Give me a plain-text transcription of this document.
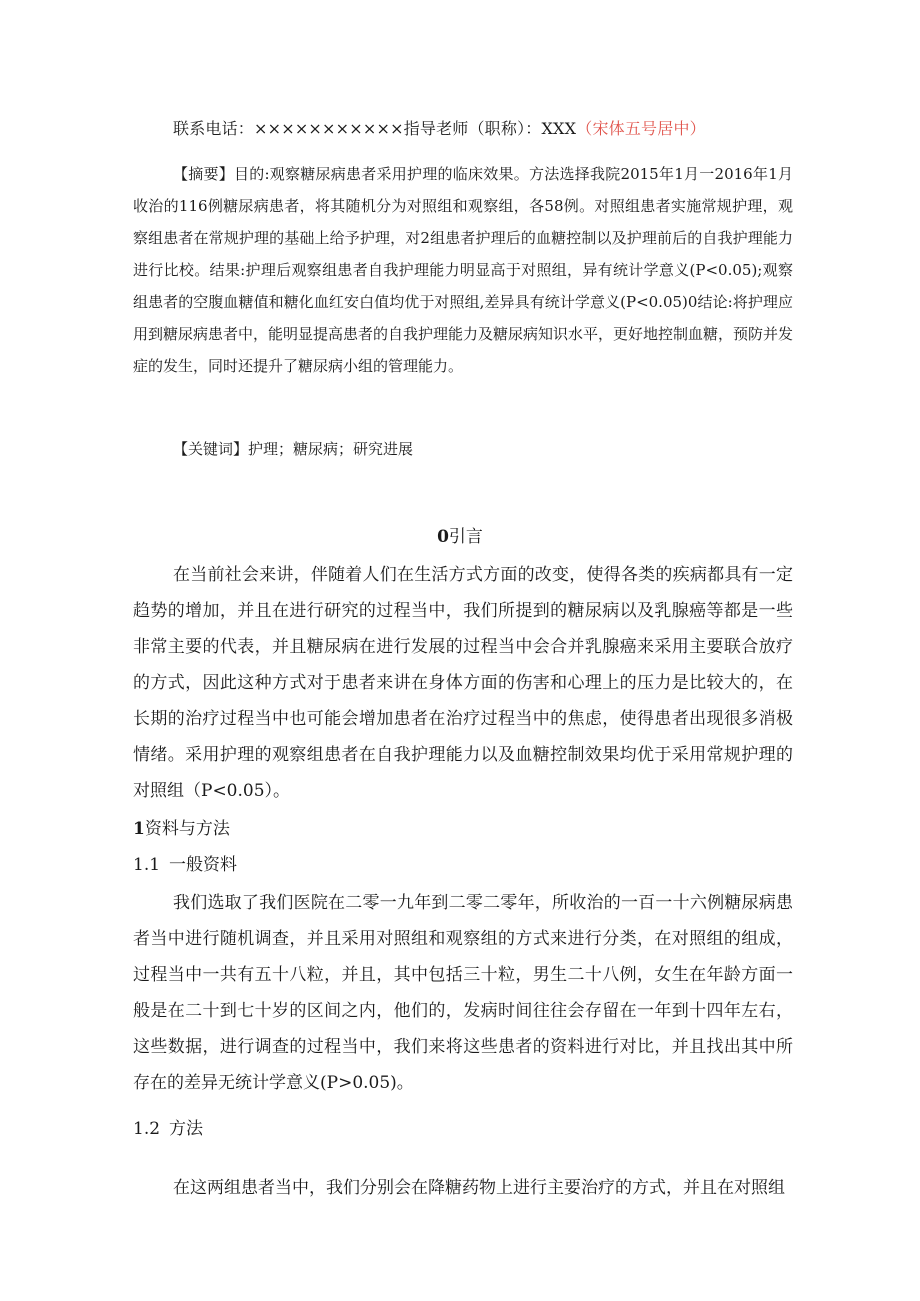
联系电话：×××××××××××指导老师（职称）：XXX（宋体五号居中）

【摘要】目的:观察糖尿病患者采用护理的临床效果。方法选择我院2015年1月一2016年1月收治的116例糖尿病患者，将其随机分为对照组和观察组，各58例。对照组患者实施常规护理，观察组患者在常规护理的基础上给予护理，对2组患者护理后的血糖控制以及护理前后的自我护理能力进行比校。结果:护理后观察组患者自我护理能力明显高于对照组，异有统计学意义(P<0.05);观察组患者的空腹血糖值和糖化血红安白值均优于对照组,差异具有统计学意义(P<0.05)0结论:将护理应用到糖尿病患者中，能明显提高患者的自我护理能力及糖尿病知识水平，更好地控制血糖，预防并发症的发生，同时还提升了糖尿病小组的管理能力。

【关键词】护理；糖尿病；研究进展
0引言

在当前社会来讲，伴随着人们在生活方式方面的改变，使得各类的疾病都具有一定趋势的增加，并且在进行研究的过程当中，我们所提到的糖尿病以及乳腺癌等都是一些非常主要的代表，并且糖尿病在进行发展的过程当中会合并乳腺癌来采用主要联合放疗的方式，因此这种方式对于患者来讲在身体方面的伤害和心理上的压力是比较大的，在长期的治疗过程当中也可能会增加患者在治疗过程当中的焦虑，使得患者出现很多消极情绪。采用护理的观察组患者在自我护理能力以及血糖控制效果均优于采用常规护理的对照组（P<0.05）。

1资料与方法
1.1 一般资料

我们选取了我们医院在二零一九年到二零二零年，所收治的一百一十六例糖尿病患者当中进行随机调查，并且采用对照组和观察组的方式来进行分类，在对照组的组成，过程当中一共有五十八粒，并且，其中包括三十粒，男生二十八例，女生在年龄方面一般是在二十到七十岁的区间之内，他们的，发病时间往往会存留在一年到十四年左右，这些数据，进行调查的过程当中，我们来将这些患者的资料进行对比，并且找出其中所存在的差异无统计学意义(P>0.05)。

1.2 方法

在这两组患者当中，我们分别会在降糖药物上进行主要治疗的方式，并且在对照组
